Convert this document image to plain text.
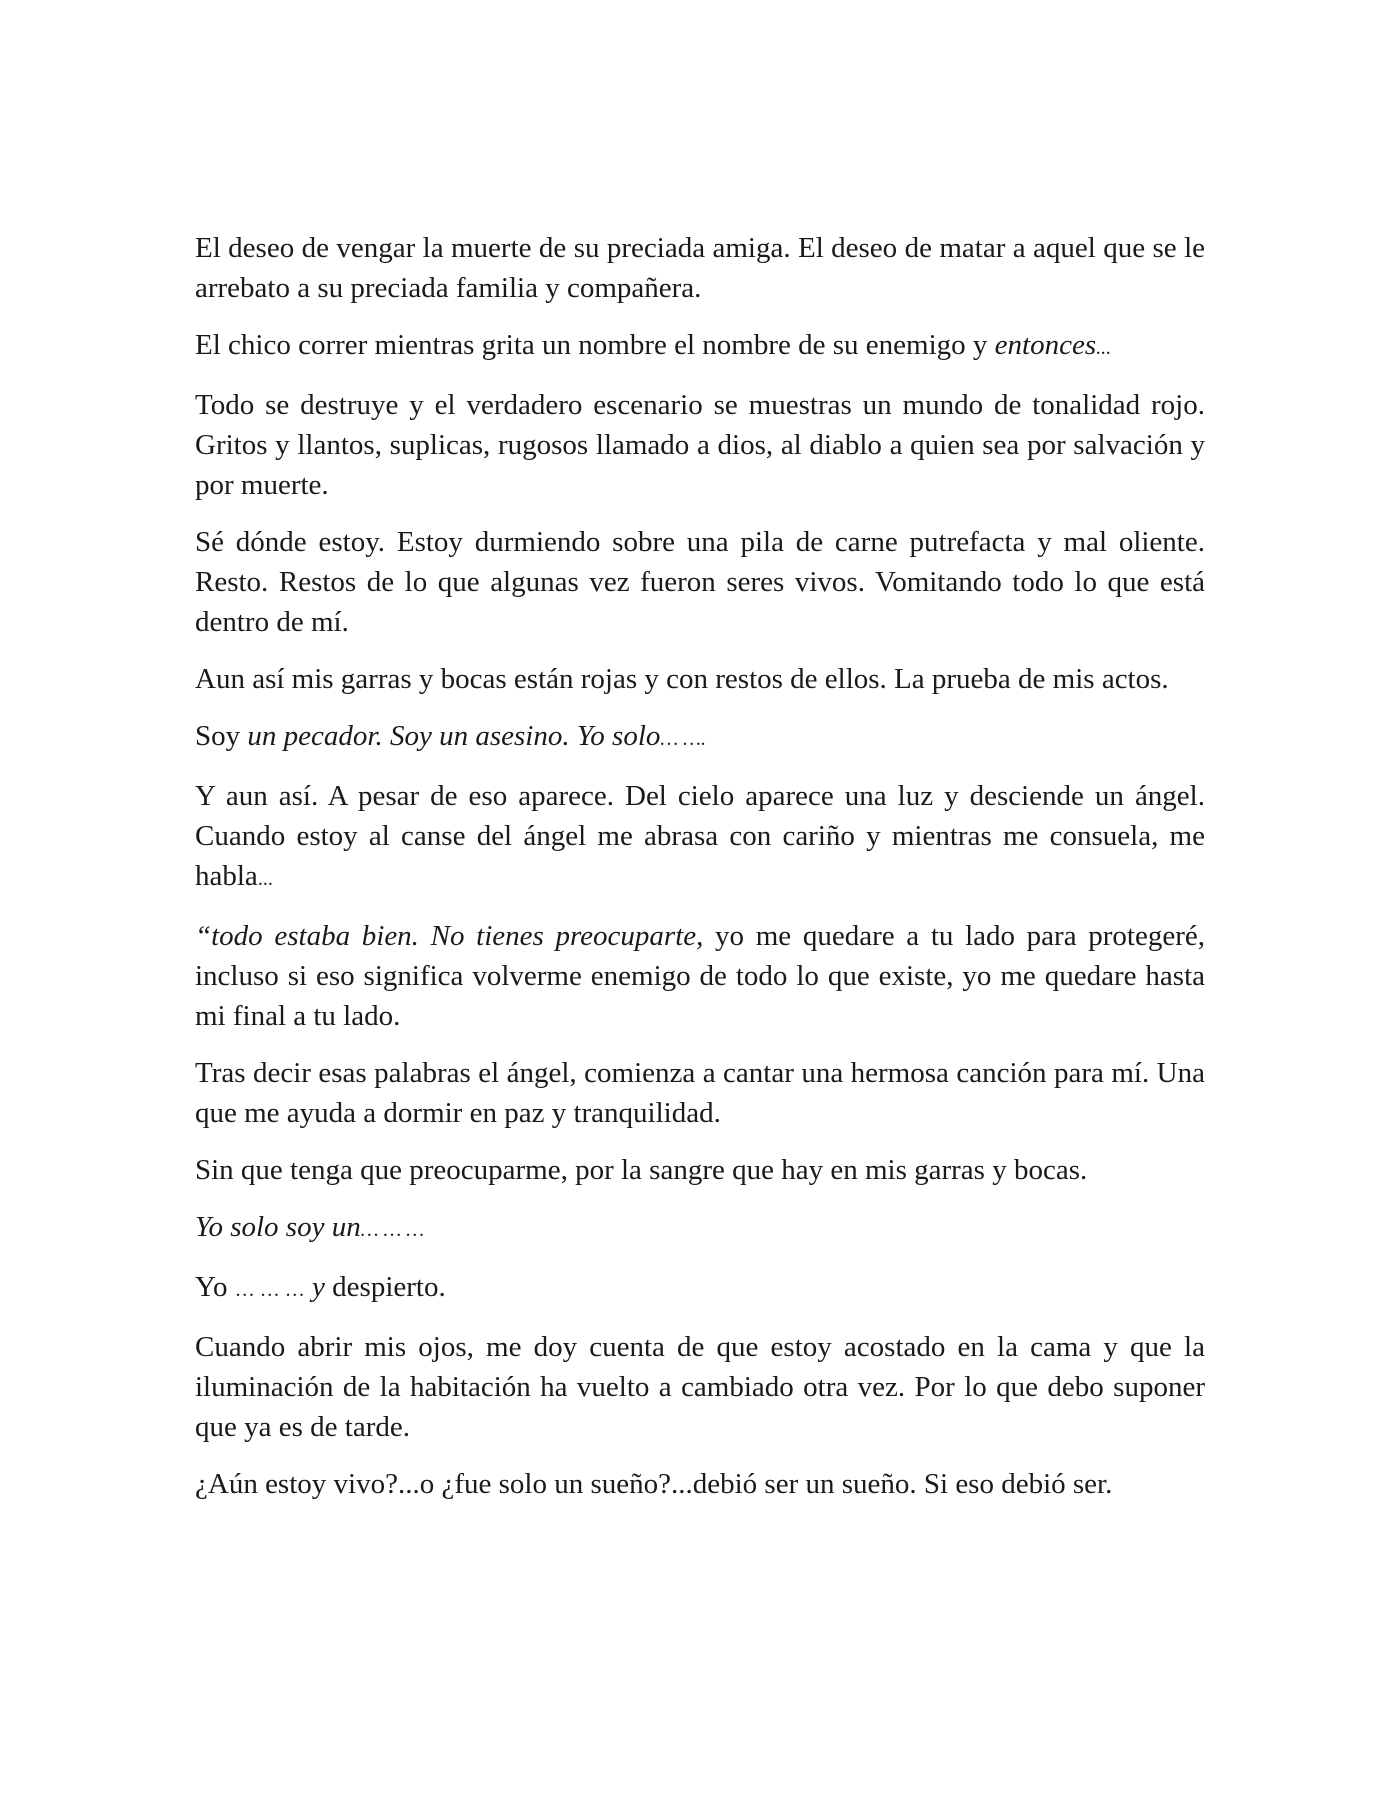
El deseo de vengar la muerte de su preciada amiga. El deseo de matar a aquel que se le arrebato a su preciada familia y compañera.

El chico correr mientras grita un nombre el nombre de su enemigo y entonces...

Todo se destruye y el verdadero escenario se muestras un mundo de tonalidad rojo. Gritos y llantos, suplicas, rugosos llamado a dios, al diablo a quien sea por salvación y por muerte.

Sé dónde estoy. Estoy durmiendo sobre una pila de carne putrefacta y mal oliente. Resto. Restos de lo que algunas vez fueron seres vivos. Vomitando todo lo que está dentro de mí.

Aun así mis garras y bocas están rojas y con restos de ellos. La prueba de mis actos.

Soy un pecador. Soy un asesino. Yo solo… ….

Y aun así. A pesar de eso aparece. Del cielo aparece una luz y desciende un ángel. Cuando estoy al canse del ángel me abrasa con cariño y mientras me consuela, me habla...

“todo estaba bien. No tienes preocuparte, yo me quedare a tu lado para protegeré, incluso si eso significa volverme enemigo de todo lo que existe, yo me quedare hasta mi final a tu lado.

Tras decir esas palabras el ángel, comienza a cantar una hermosa canción para mí. Una que me ayuda a dormir en paz y tranquilidad.

Sin que tenga que preocuparme, por la sangre que hay en mis garras y bocas.

Yo solo soy un… … …

Yo … … … y despierto.

Cuando abrir mis ojos, me doy cuenta de que estoy acostado en la cama y que la iluminación de la habitación ha vuelto a cambiado otra vez. Por lo que debo suponer que ya es de tarde.

¿Aún estoy vivo?...o ¿fue solo un sueño?...debió ser un sueño. Si eso debió ser.
